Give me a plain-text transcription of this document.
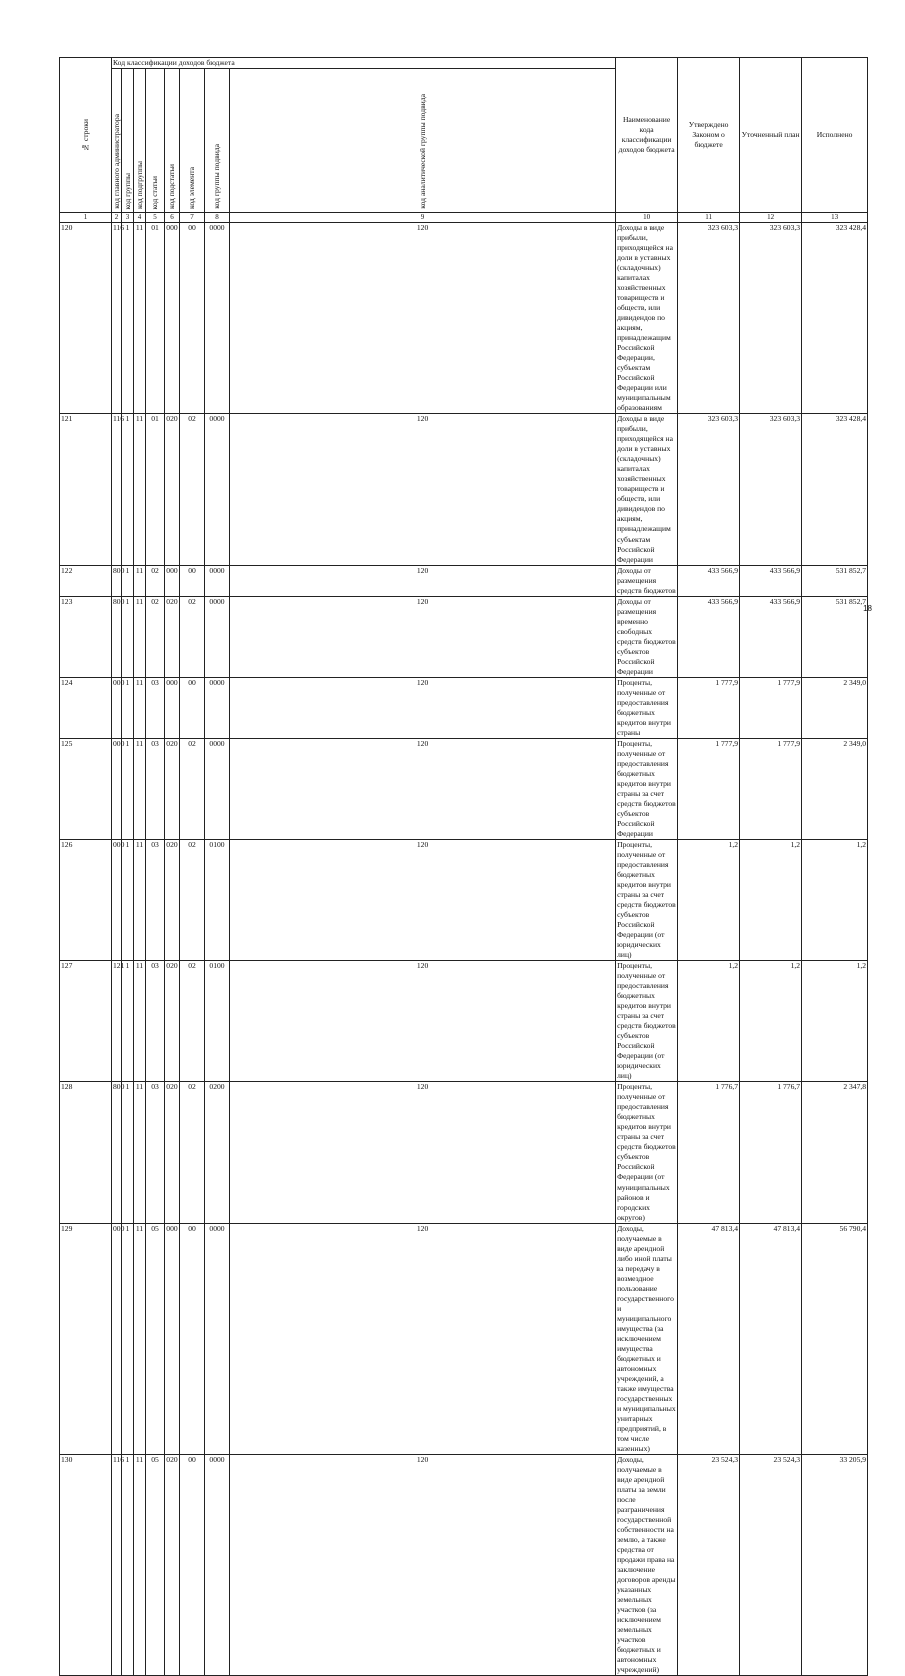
№ строки	Код классификации доходов бюджета								Наименование кода классификации доходов бюджета	Утверждено Законом о бюджете	Уточненный план	Исполнено	
	код главного администратора	код группы	код подгруппы	код статьи	код подстатьи	код элемента	код группы подвида	код аналитической группы подвида					
1	2	3	4	5	6	7	8	9	10	11	12	13	
120	116	1	11	01	000	00	0000	120	Доходы в виде прибыли, приходящейся на доли в уставных (складочных) капиталах хозяйственных товариществ и обществ, или дивидендов по акциям, принадлежащим Российской Федерации, субъектам Российской Федерации или муниципальным образованиям	323 603,3	323 603,3	323 428,4	
121	116	1	11	01	020	02	0000	120	Доходы в виде прибыли, приходящейся на доли в уставных (складочных) капиталах хозяйственных товариществ и обществ, или дивидендов по акциям, принадлежащим субъектам Российской Федерации	323 603,3	323 603,3	323 428,4	
122	800	1	11	02	000	00	0000	120	Доходы от размещения средств бюджетов	433 566,9	433 566,9	531 852,7	
123	800	1	11	02	020	02	0000	120	Доходы от размещения временно свободных средств бюджетов субъектов Российской Федерации	433 566,9	433 566,9	531 852,7	
124	000	1	11	03	000	00	0000	120	Проценты, полученные от предоставления бюджетных кредитов внутри страны	1 777,9	1 777,9	2 349,0	
125	000	1	11	03	020	02	0000	120	Проценты, полученные от предоставления бюджетных кредитов внутри страны за счет средств бюджетов субъектов Российской Федерации	1 777,9	1 777,9	2 349,0	
126	000	1	11	03	020	02	0100	120	Проценты, полученные от предоставления бюджетных кредитов внутри страны за счет средств бюджетов субъектов Российской Федерации (от юридических лиц)	1,2	1,2	1,2	
127	121	1	11	03	020	02	0100	120	Проценты, полученные от предоставления бюджетных кредитов внутри страны за счет средств бюджетов субъектов Российской Федерации (от юридических лиц)	1,2	1,2	1,2	
128	800	1	11	03	020	02	0200	120	Проценты, полученные от предоставления бюджетных кредитов внутри страны за счет средств бюджетов субъектов Российской Федерации (от муниципальных районов и городских округов)	1 776,7	1 776,7	2 347,8	
129	000	1	11	05	000	00	0000	120	Доходы, получаемые в виде арендной либо иной платы за передачу в возмездное пользование государственного и муниципального имущества (за исключением имущества бюджетных и автономных учреждений, а также имущества государственных и муниципальных унитарных предприятий, в том числе казенных)	47 813,4	47 813,4	56 790,4	
130	116	1	11	05	020	00	0000	120	Доходы, получаемые в виде арендной платы за земли после разграничения государственной собственности на землю, а также средства от продажи права на заключение договоров аренды указанных земельных участков (за исключением земельных участков бюджетных и автономных учреждений)	23 524,3	23 524,3	33 205,9	
18
